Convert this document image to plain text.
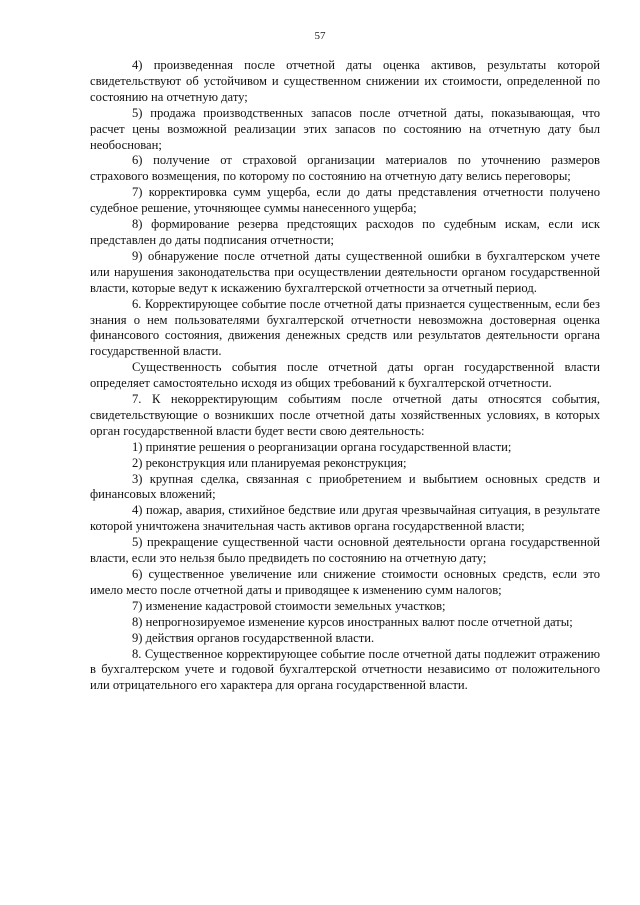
57

4) произведенная после отчетной даты оценка активов, результаты которой свидетельствуют об устойчивом и существенном снижении их стоимости, определенной по состоянию на отчетную дату;

5) продажа производственных запасов после отчетной даты, показывающая, что расчет цены возможной реализации этих запасов по состоянию на отчетную дату был необоснован;

6) получение от страховой организации материалов по уточнению размеров страхового возмещения, по которому по состоянию на отчетную дату велись переговоры;

7) корректировка сумм ущерба, если до даты представления отчетности получено судебное решение, уточняющее суммы нанесенного ущерба;

8) формирование резерва предстоящих расходов по судебным искам, если иск представлен до даты подписания отчетности;

9) обнаружение после отчетной даты существенной ошибки в бухгалтерском учете или нарушения законодательства при осуществлении деятельности органом государственной власти, которые ведут к искажению бухгалтерской отчетности за отчетный период.

6. Корректирующее событие после отчетной даты признается существенным, если без знания о нем пользователями бухгалтерской отчетности невозможна достоверная оценка финансового состояния, движения денежных средств или результатов деятельности органа государственной власти.

Существенность события после отчетной даты орган государственной власти определяет самостоятельно исходя из общих требований к бухгалтерской отчетности.

7. К некорректирующим событиям после отчетной даты относятся события, свидетельствующие о возникших после отчетной даты хозяйственных условиях, в которых орган государственной власти будет вести свою деятельность:

1) принятие решения о реорганизации органа государственной власти;

2) реконструкция или планируемая реконструкция;

3) крупная сделка, связанная с приобретением и выбытием основных средств и финансовых вложений;

4) пожар, авария, стихийное бедствие или другая чрезвычайная ситуация, в результате которой уничтожена значительная часть активов органа государственной власти;

5) прекращение существенной части основной деятельности органа государственной власти, если это нельзя было предвидеть по состоянию на отчетную дату;

6) существенное увеличение или снижение стоимости основных средств, если это имело место после отчетной даты и приводящее к изменению сумм налогов;

7) изменение кадастровой стоимости земельных участков;

8) непрогнозируемое изменение курсов иностранных валют после отчетной даты;

9) действия органов государственной власти.

8. Существенное корректирующее событие после отчетной даты подлежит отражению в бухгалтерском учете и годовой бухгалтерской отчетности независимо от положительного или отрицательного его характера для органа государственной власти.
